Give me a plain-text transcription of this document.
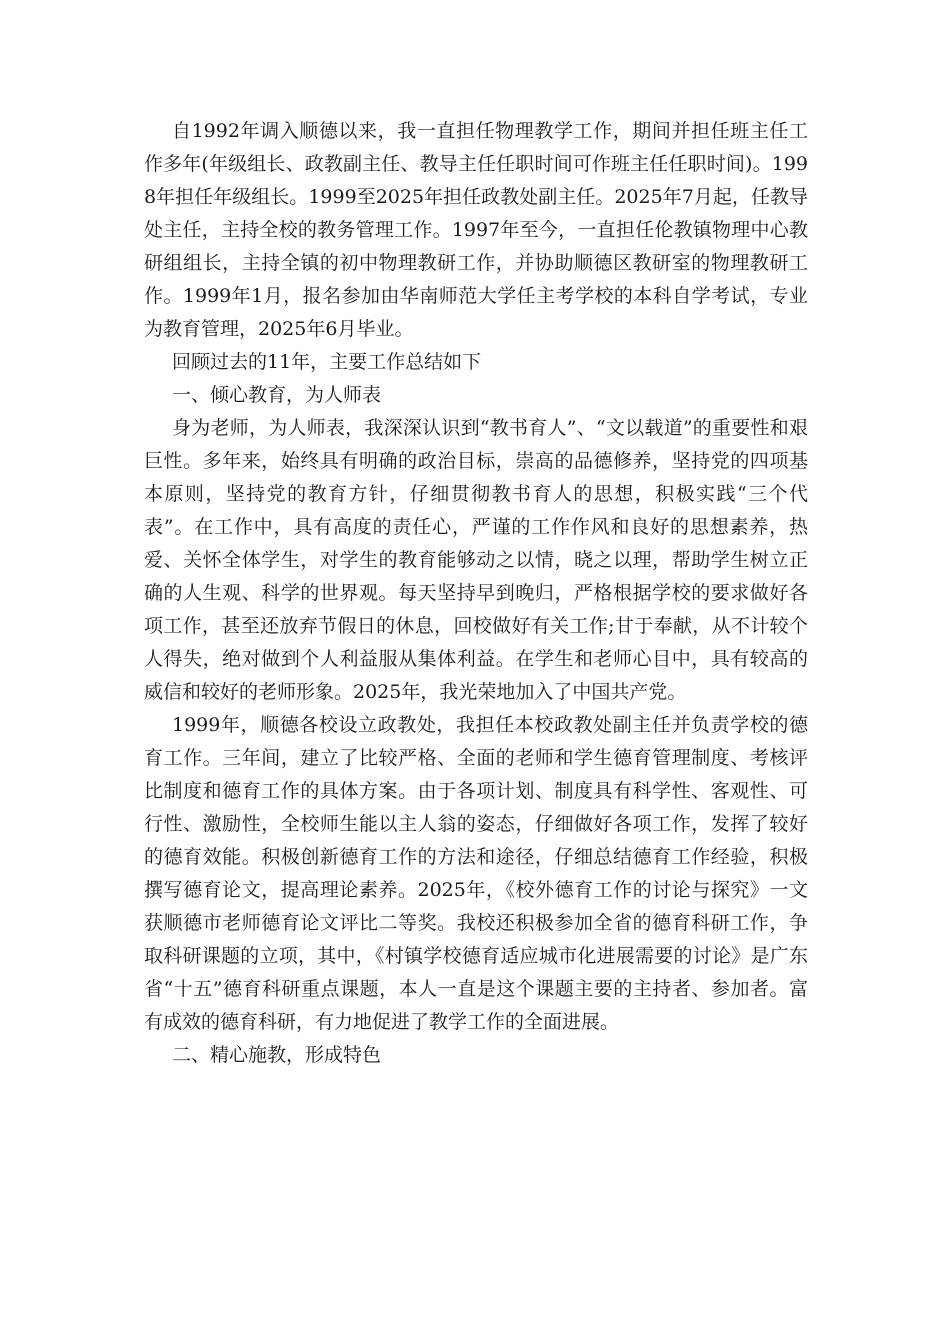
自1992年调入顺德以来，我一直担任物理教学工作，期间并担任班主任工作多年(年级组长、政教副主任、教导主任任职时间可作班主任任职时间)。1998年担任年级组长。1999至2025年担任政教处副主任。2025年7月起，任教导处主任，主持全校的教务管理工作。1997年至今，一直担任伦教镇物理中心教研组组长，主持全镇的初中物理教研工作，并协助顺德区教研室的物理教研工作。1999年1月，报名参加由华南师范大学任主考学校的本科自学考试，专业为教育管理，2025年6月毕业。

回顾过去的11年，主要工作总结如下

一、倾心教育，为人师表

身为老师，为人师表，我深深认识到“教书育人”、“文以载道”的重要性和艰巨性。多年来，始终具有明确的政治目标，崇高的品德修养，坚持党的四项基本原则，坚持党的教育方针，仔细贯彻教书育人的思想，积极实践“三个代表”。在工作中，具有高度的责任心，严谨的工作作风和良好的思想素养，热爱、关怀全体学生，对学生的教育能够动之以情，晓之以理，帮助学生树立正确的人生观、科学的世界观。每天坚持早到晚归，严格根据学校的要求做好各项工作，甚至还放弃节假日的休息，回校做好有关工作;甘于奉献，从不计较个人得失，绝对做到个人利益服从集体利益。在学生和老师心目中，具有较高的威信和较好的老师形象。2025年，我光荣地加入了中国共产党。

1999年，顺德各校设立政教处，我担任本校政教处副主任并负责学校的德育工作。三年间，建立了比较严格、全面的老师和学生德育管理制度、考核评比制度和德育工作的具体方案。由于各项计划、制度具有科学性、客观性、可行性、激励性，全校师生能以主人翁的姿态，仔细做好各项工作，发挥了较好的德育效能。积极创新德育工作的方法和途径，仔细总结德育工作经验，积极撰写德育论文，提高理论素养。2025年，《校外德育工作的讨论与探究》一文获顺德市老师德育论文评比二等奖。我校还积极参加全省的德育科研工作，争取科研课题的立项，其中，《村镇学校德育适应城市化进展需要的讨论》是广东省“十五”德育科研重点课题，本人一直是这个课题主要的主持者、参加者。富有成效的德育科研，有力地促进了教学工作的全面进展。

二、精心施教，形成特色
